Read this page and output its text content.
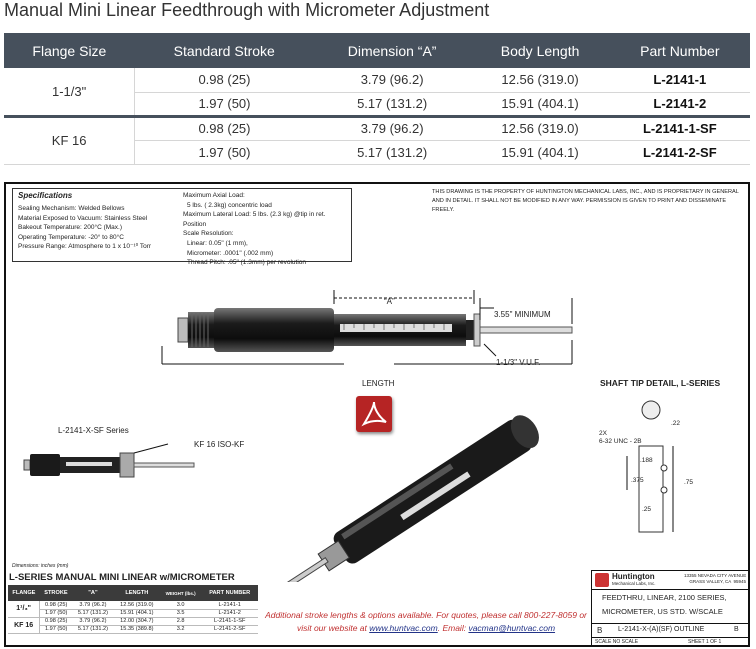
Manual Mini Linear Feedthrough with Micrometer Adjustment
Flange Size	Standard Stroke	Dimension “A”	Body Length	Part Number
1-1/3"	0.98 (25)	3.79 (96.2)	12.56 (319.0)	L-2141-1
	1.97 (50)	5.17 (131.2)	15.91 (404.1)	L-2141-2
KF 16	0.98 (25)	3.79 (96.2)	12.56 (319.0)	L-2141-1-SF
	1.97 (50)	5.17 (131.2)	15.91 (404.1)	L-2141-2-SF
Specifications
Sealing Mechanism: Welded Bellows
Material Exposed to Vacuum: Stainless Steel
Bakeout Temperature: 200°C (Max.)
Operating Temperature: -20° to 80°C
Pressure Range: Atmosphere to 1 x 10⁻¹⁰ Torr
Maximum Axial Load:
5 lbs. ( 2.3kg) concentric load
Maximum Lateral Load: 5 lbs. (2.3 kg) @tip in ret. Position
Scale Resolution:
Linear: 0.05" (1 mm),
Micrometer: .0001" (.002 mm)
Thread Pitch: .05" (1.3mm) per revolution
THIS DRAWING IS THE PROPERTY OF HUNTINGTON MECHANICAL LABS, INC., AND IS PROPRIETARY IN GENERAL AND IN DETAIL. IT SHALL NOT BE MODIFIED IN ANY WAY. PERMISSION IS GIVEN TO PRINT AND DISSEMINATE FREELY.
“A”
3.55" MINIMUM
1-1/3" V.U.F.
LENGTH
L-2141-X-SF Series
KF 16 ISO-KF
SHAFT TIP DETAIL, L-SERIES
.22
2X
6-32 UNC - 2B
.188
.375	.75
.25
Dimensions: inches (mm)
L-SERIES MANUAL MINI LINEAR w/MICROMETER
FLANGE	STROKE	"A"	LENGTH	WEIGHT (lbs.)	PART NUMBER
1¹/₃"	0.98 (25)	3.79 (96.2)	12.56 (319.0)	3.0	L-2141-1
	1.97 (50)	5.17 (131.2)	15.91 (404.1)	3.5	L-2141-2
KF 16	0.98 (25)	3.79 (96.2)	12.00 (304.7)	2.8	L-2141-1-SF
	1.97 (50)	5.17 (131.2)	15.35 (389.8)	3.2	L-2141-2-SF
Additional stroke lengths & options available. For quotes, please call 800-227-8059 or
visit our website at www.huntvac.com. Email: vacman@huntvac.com
Huntington
Mechanical Labs, Inc.
13355 NEVADA CITY AVENUE
GRASS VALLEY, CA  95945
FEEDTHRU, LINEAR, 2100 SERIES,
MICROMETER, US STD. W/SCALE
B L-2141-X-(A)(SF) OUTLINE	B
SCALE NO SCALE	SHEET 1 OF 1
